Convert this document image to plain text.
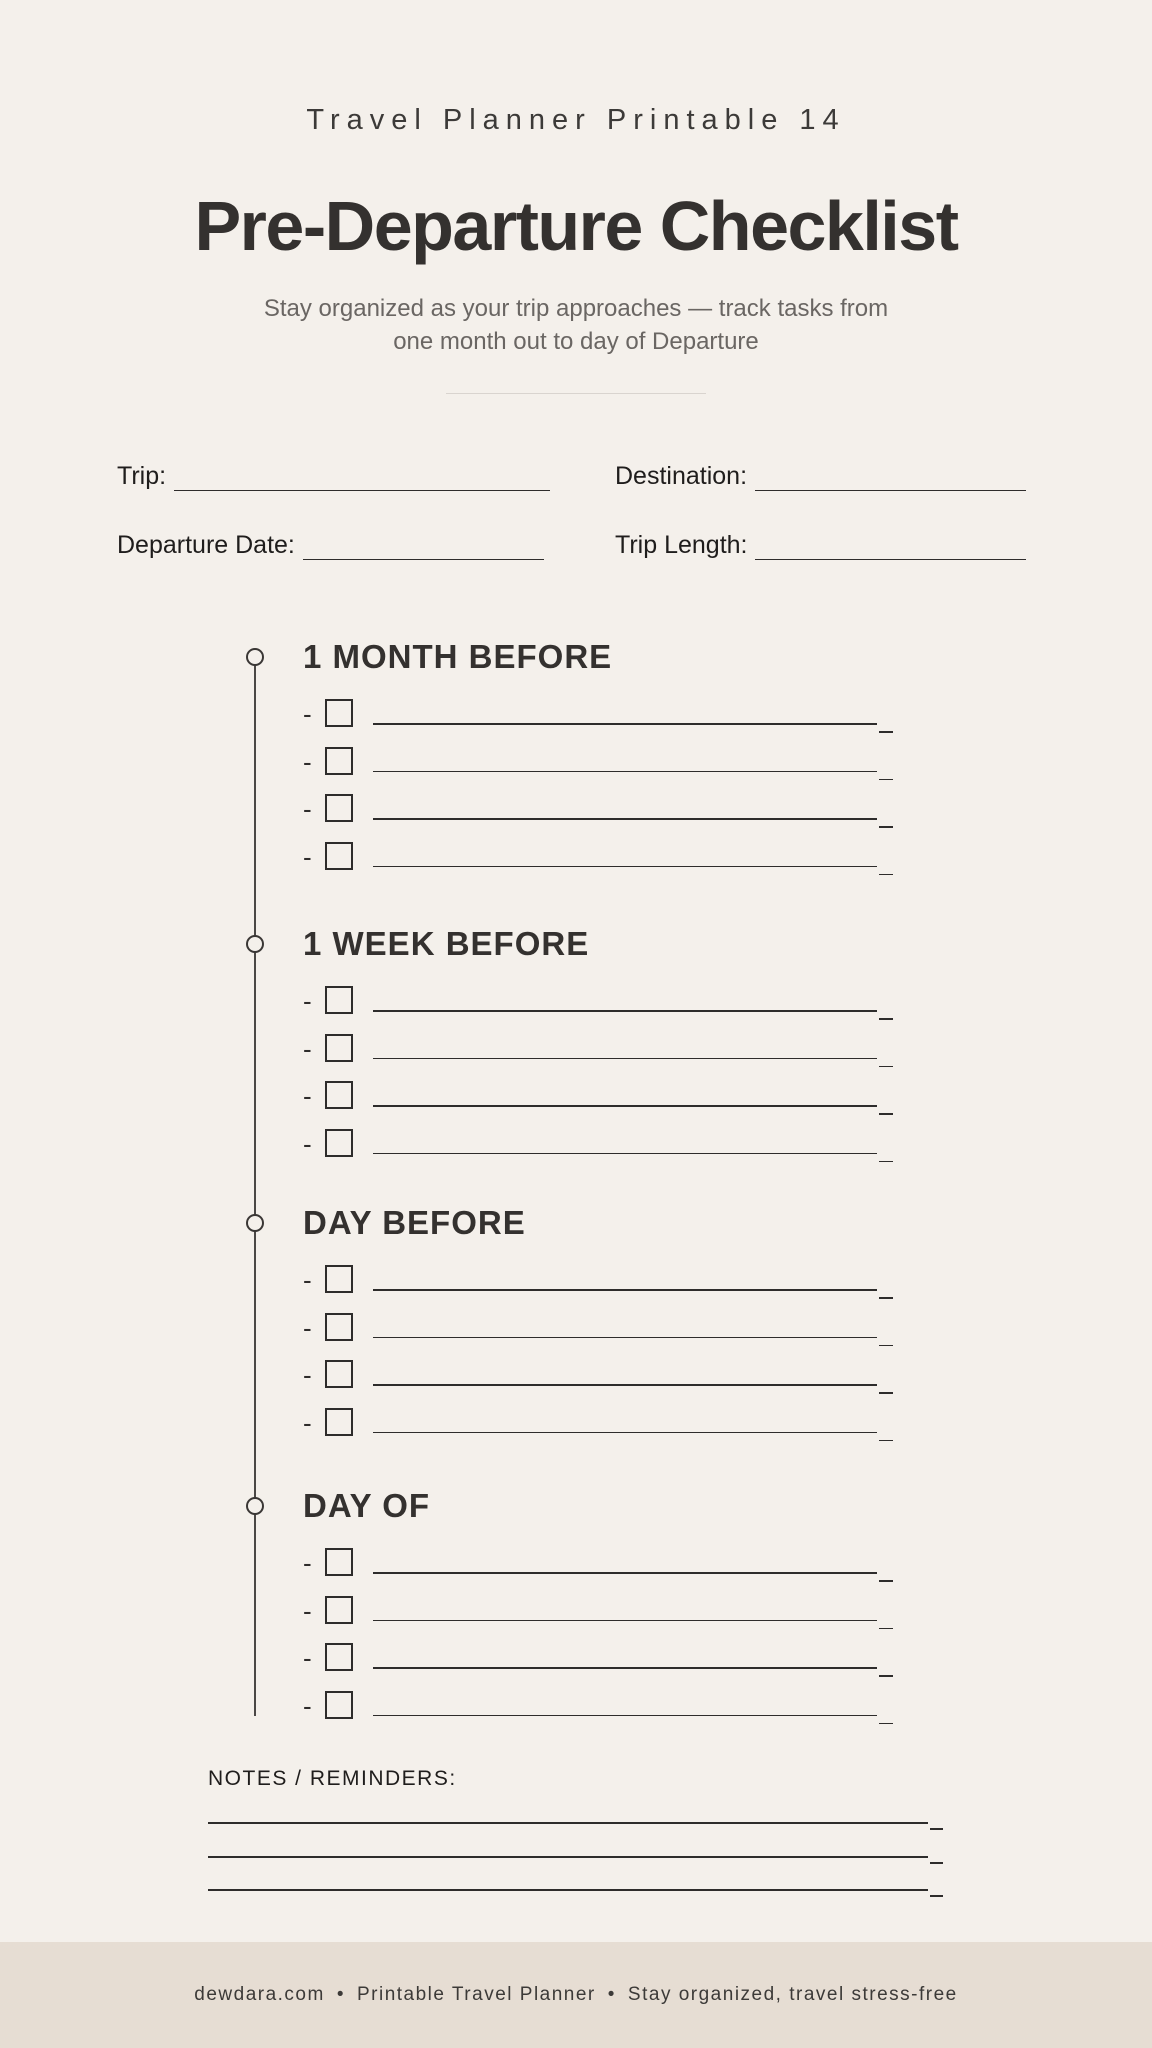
Travel Planner Printable 14
Pre-Departure Checklist
Stay organized as your trip approaches — track tasks from
one month out to day of Departure
Trip:	Destination:
Departure Date:	Trip Length:
1 MONTH BEFORE
-
-
-
-
1 WEEK BEFORE
-
-
-
-
DAY BEFORE
-
-
-
-
DAY OF
-
-
-
-
NOTES / REMINDERS:
dewdara.com • Printable Travel Planner • Stay organized, travel stress-free
